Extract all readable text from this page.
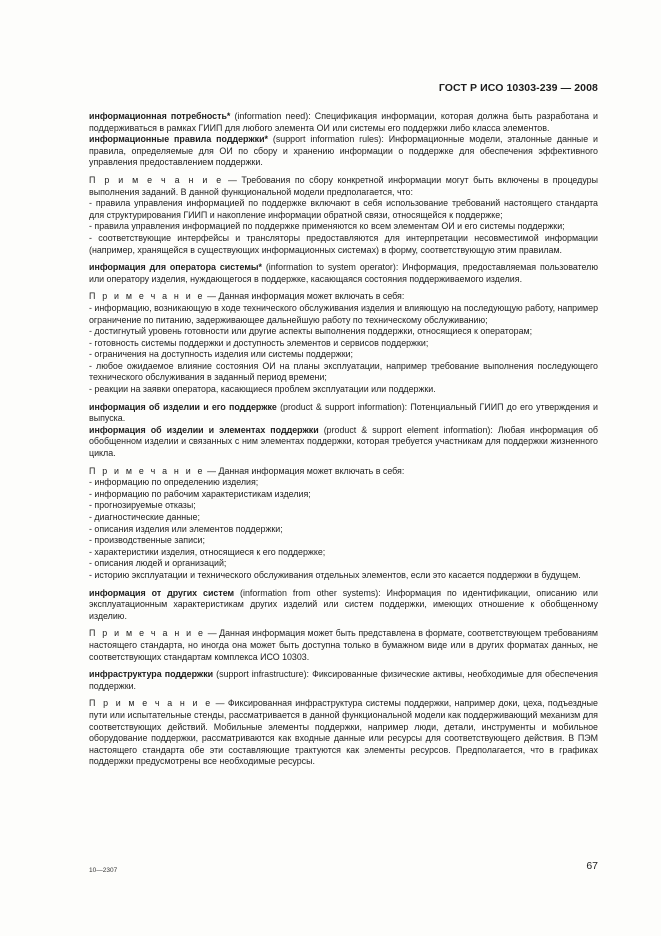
ГОСТ Р ИСО 10303-239 — 2008

информационная потребность* (information need): Спецификация информации, которая должна быть разработана и поддерживаться в рамках ГИИП для любого элемента ОИ или системы его поддержки либо класса элементов.

информационные правила поддержки* (support information rules): Информационные модели, эталонные данные и правила, определяемые для ОИ по сбору и хранению информации о поддержке для обеспечения эффективного управления предоставлением поддержки.

П р и м е ч а н и е — Требования по сбору конкретной информации могут быть включены в процедуры выполнения заданий. В данной функциональной модели предполагается, что:

- правила управления информацией по поддержке включают в себя использование требований настоящего стандарта для структурирования ГИИП и накопление информации обратной связи, относящейся к поддержке;

- правила управления информацией по поддержке применяются ко всем элементам ОИ и его системы поддержки;

- соответствующие интерфейсы и трансляторы предоставляются для интерпретации несовместимой информации (например, хранящейся в существующих информационных системах) в форму, соответствующую этим правилам.

информация для оператора системы* (information to system operator): Информация, предоставляемая пользователю или оператору изделия, нуждающегося в поддержке, касающаяся состояния поддерживаемого изделия.

П р и м е ч а н и е — Данная информация может включать в себя:

- информацию, возникающую в ходе технического обслуживания изделия и влияющую на последующую работу, например ограничение по питанию, задерживающее дальнейшую работу по техническому обслуживанию;

- достигнутый уровень готовности или другие аспекты выполнения поддержки, относящиеся к операторам;

- готовность системы поддержки и доступность элементов и сервисов поддержки;

- ограничения на доступность изделия или системы поддержки;

- любое ожидаемое влияние состояния ОИ на планы эксплуатации, например требование выполнения последующего технического обслуживания в заданный период времени;

- реакции на заявки оператора, касающиеся проблем эксплуатации или поддержки.

информация об изделии и его поддержке (product & support information): Потенциальный ГИИП до его утверждения и выпуска.

информация об изделии и элементах поддержки (product & support element information): Любая информация об обобщенном изделии и связанных с ним элементах поддержки, которая требуется участникам для поддержки жизненного цикла.

П р и м е ч а н и е — Данная информация может включать в себя:

- информацию по определению изделия;

- информацию по рабочим характеристикам изделия;

- прогнозируемые отказы;

- диагностические данные;

- описания изделия или элементов поддержки;

- производственные записи;

- характеристики изделия, относящиеся к его поддержке;

- описания людей и организаций;

- историю эксплуатации и технического обслуживания отдельных элементов, если это касается поддержки в будущем.

информация от других систем (information from other systems): Информация по идентификации, описанию или эксплуатационным характеристикам других изделий или систем поддержки, имеющих отношение к обобщенному изделию.

П р и м е ч а н и е — Данная информация может быть представлена в формате, соответствующем требованиям настоящего стандарта, но иногда она может быть доступна только в бумажном виде или в других форматах данных, не соответствующих стандартам комплекса ИСО 10303.

инфраструктура поддержки (support infrastructure): Фиксированные физические активы, необходимые для обеспечения поддержки.

П р и м е ч а н и е — Фиксированная инфраструктура системы поддержки, например доки, цеха, подъездные пути или испытательные стенды, рассматривается в данной функциональной модели как поддерживающий механизм для соответствующих действий. Мобильные элементы поддержки, например люди, детали, инструменты и мобильное оборудование поддержки, рассматриваются как входные данные или ресурсы для соответствующего действия. В ПЭМ настоящего стандарта обе эти составляющие трактуются как элементы ресурсов. Предполагается, что в графиках поддержки предусмотрены все необходимые ресурсы.

10—2307	67
